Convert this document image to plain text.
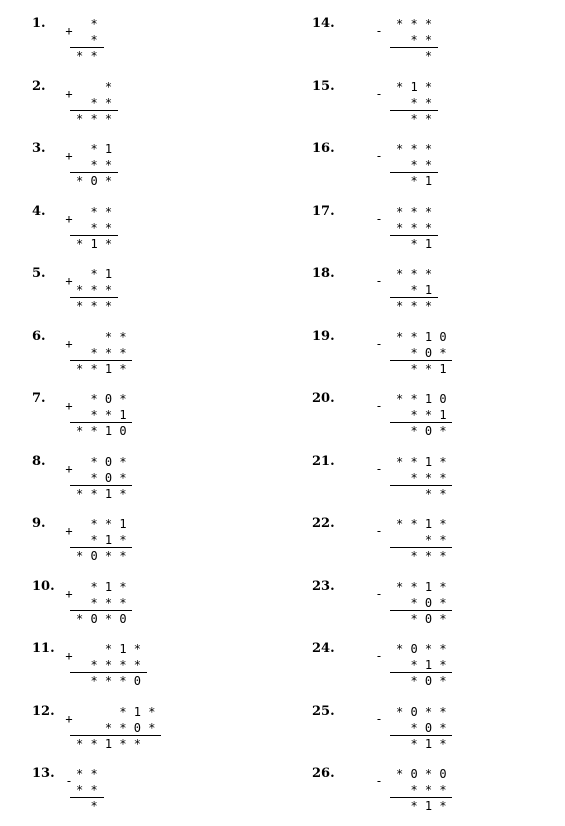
1. + *
*
* *
2. + *
* *
* * *
3. + * 1
* *
* 0 *
4. + * *
* *
* 1 *
5. + * 1
* * *
* * *
6. + * *
* * *
* * 1 *
7. + * 0 *
* * 1
* * 1 0
8. + * 0 *
* 0 *
* * 1 *
9. + * * 1
* 1 *
* 0 * *
10. + * 1 *
* * *
* 0 * 0
11. + * 1 *
* * * *
* * * 0
12. + * 1 *
* * 0 *
* * 1 * *
13. - * *
* *
*
14.	- * * *
* *
*
15.	- * 1 *
* *
* *
16.	- * * *
* *
* 1
17.	- * * *
* * *
* 1
18.	- * * *
* 1
* * *
19.	- * * 1 0
* 0 *
* * 1
20.	- * * 1 0
* * 1
* 0 *
21.	- * * 1 *
* * *
* *
22.	- * * 1 *
* *
* * *
23.	- * * 1 *
* 0 *
* 0 *
24.	- * 0 * *
* 1 *
* 0 *
25.	- * 0 * *
* 0 *
* 1 *
26.	- * 0 * 0
* * *
* 1 *
